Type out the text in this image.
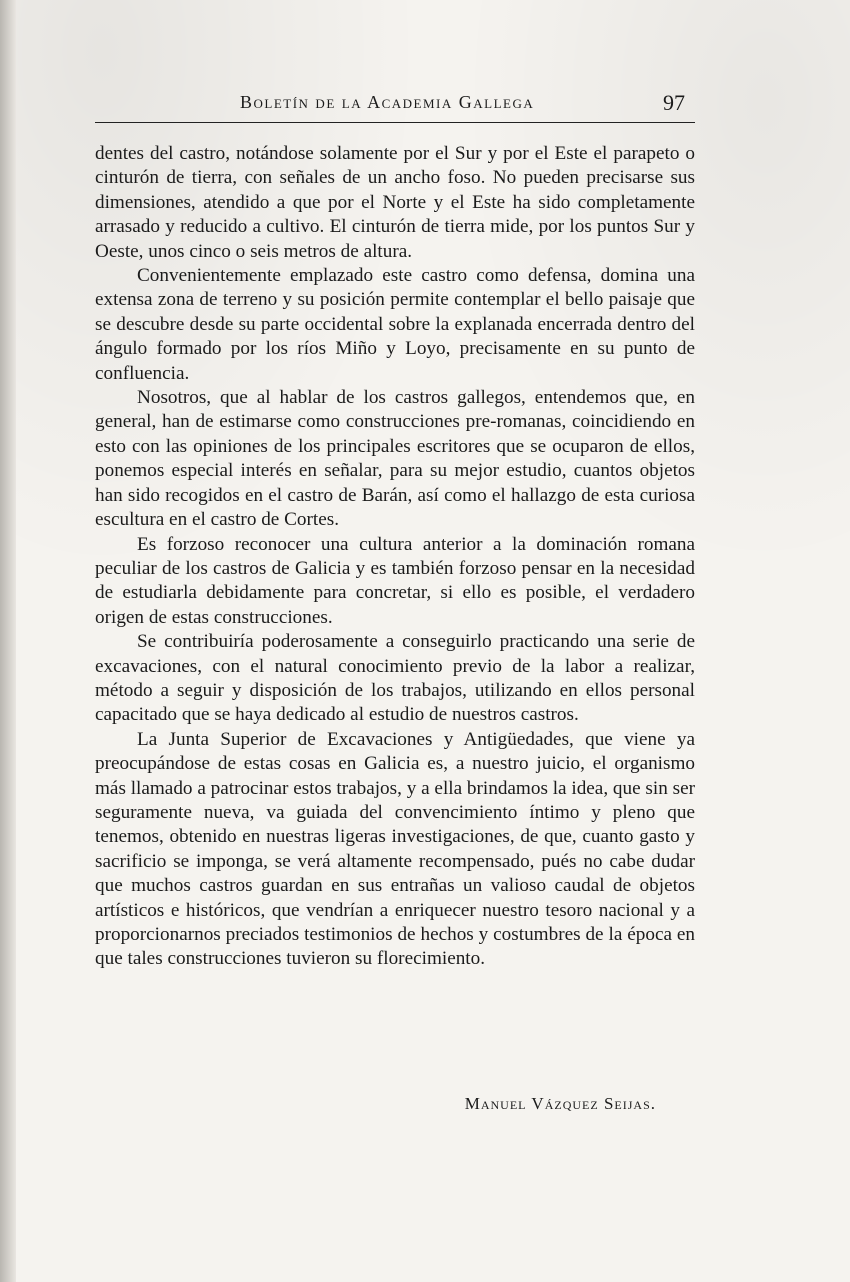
Boletín de la Academia Gallega	97

dentes del castro, notándose solamente por el Sur y por el Este el parapeto o cinturón de tierra, con señales de un ancho foso. No pueden precisarse sus dimensiones, atendido a que por el Norte y el Este ha sido completamente arrasado y reducido a cultivo. El cinturón de tierra mide, por los puntos Sur y Oeste, unos cinco o seis metros de altura.

Convenientemente emplazado este castro como defensa, domina una extensa zona de terreno y su posición permite contemplar el bello paisaje que se descubre desde su parte occidental sobre la explanada encerrada dentro del ángulo formado por los ríos Miño y Loyo, precisamente en su punto de confluencia.

Nosotros, que al hablar de los castros gallegos, entendemos que, en general, han de estimarse como construcciones pre-romanas, coincidiendo en esto con las opiniones de los principales escritores que se ocuparon de ellos, ponemos especial interés en señalar, para su mejor estudio, cuantos objetos han sido recogidos en el castro de Barán, así como el hallazgo de esta curiosa escultura en el castro de Cortes.

Es forzoso reconocer una cultura anterior a la dominación romana peculiar de los castros de Galicia y es también forzoso pensar en la necesidad de estudiarla debidamente para concretar, si ello es posible, el verdadero origen de estas construcciones.

Se contribuiría poderosamente a conseguirlo practicando una serie de excavaciones, con el natural conocimiento previo de la labor a realizar, método a seguir y disposición de los trabajos, utilizando en ellos personal capacitado que se haya dedicado al estudio de nuestros castros.

La Junta Superior de Excavaciones y Antigüedades, que viene ya preocupándose de estas cosas en Galicia es, a nuestro juicio, el organismo más llamado a patrocinar estos trabajos, y a ella brindamos la idea, que sin ser seguramente nueva, va guiada del convencimiento íntimo y pleno que tenemos, obtenido en nuestras ligeras investigaciones, de que, cuanto gasto y sacrificio se imponga, se verá altamente recompensado, pués no cabe dudar que muchos castros guardan en sus entrañas un valioso caudal de objetos artísticos e históricos, que vendrían a enriquecer nuestro tesoro nacional y a proporcionarnos preciados testimonios de hechos y costumbres de la época en que tales construcciones tuvieron su florecimiento.

Manuel Vázquez Seijas.
